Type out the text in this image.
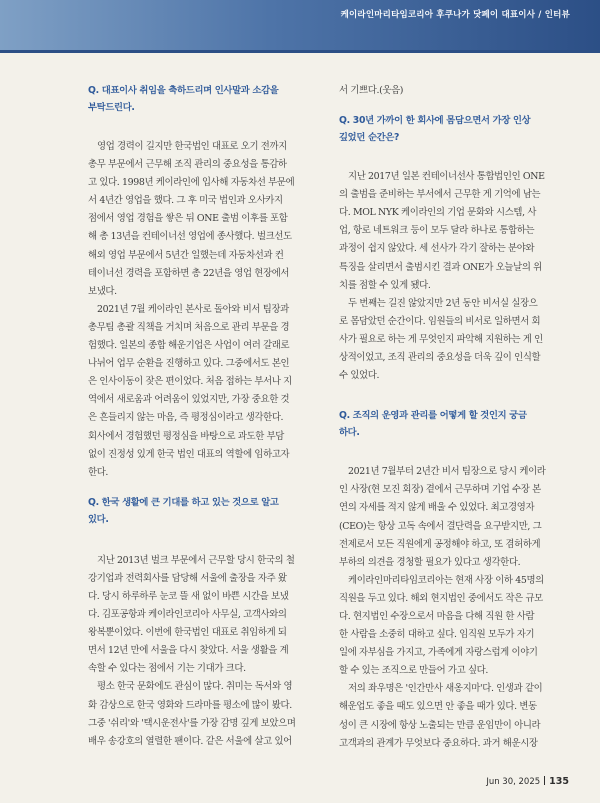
케이라인마리타임코리아 후쿠나가 닷페이 대표이사 / 인터뷰

Q. 대표이사 취임을 축하드리며 인사말과 소감을

부탁드린다.

영업 경력이 길지만 한국법인 대표로 오기 전까지

총무 부문에서 근무해 조직 관리의 중요성을 통감하

고 있다. 1998년 케이라인에 입사해 자동차선 부문에

서 4년간 영업을 했다. 그 후 미국 법인과 오사카지

점에서 영업 경험을 쌓은 뒤 ONE 출범 이후를 포함

해 총 13년을 컨테이너선 영업에 종사했다. 벌크선도

해외 영업 부문에서 5년간 일했는데 자동차선과 컨

테이너선 경력을 포함하면 총 22년을 영업 현장에서

보냈다.

2021년 7월 케이라인 본사로 돌아와 비서 팀장과

총무팀 총괄 직책을 거치며 처음으로 관리 부문을 경

험했다. 일본의 종합 해운기업은 사업이 여러 갈래로

나뉘어 업무 순환을 진행하고 있다. 그중에서도 본인

은 인사이동이 잦은 편이었다. 처음 접하는 부서나 지

역에서 새로움과 어려움이 있었지만, 가장 중요한 것

은 흔들리지 않는 마음, 즉 평정심이라고 생각한다.

회사에서 경험했던 평정심을 바탕으로 과도한 부담

없이 진정성 있게 한국 법인 대표의 역할에 임하고자

한다.

Q. 한국 생활에 큰 기대를 하고 있는 것으로 알고

있다.

지난 2013년 벌크 부문에서 근무할 당시 한국의 철

강기업과 전력회사를 담당해 서울에 출장을 자주 왔

다. 당시 하루하루 눈코 뜰 새 없이 바쁜 시간을 보냈

다. 김포공항과 케이라인코리아 사무실, 고객사와의

왕복뿐이었다. 이번에 한국법인 대표로 취임하게 되

면서 12년 만에 서울을 다시 찾았다. 서울 생활을 계

속할 수 있다는 점에서 기는 기대가 크다.

평소 한국 문화에도 관심이 많다. 취미는 독서와 영

화 감상으로 한국 영화와 드라마를 평소에 많이 봤다.

그중 '쉬리'와 '택시운전사'를 가장 감명 깊게 보았으며

배우 송강호의 열렬한 팬이다. 같은 서울에 살고 있어

서 기쁘다.(웃음)

Q. 30년 가까이 한 회사에 몸담으면서 가장 인상

깊었던 순간은?

지난 2017년 일본 컨테이너선사 통합법인인 ONE

의 출범을 준비하는 부서에서 근무한 게 기억에 남는

다. MOL NYK 케이라인의 기업 문화와 시스템, 사

업, 항로 네트워크 등이 모두 달라 하나로 통합하는

과정이 쉽지 않았다. 세 선사가 각기 잘하는 분야와

특징을 살리면서 출범시킨 결과 ONE가 오늘날의 위

치를 점할 수 있게 됐다.

두 번째는 길진 않았지만 2년 동안 비서실 실장으

로 몸담았던 순간이다. 임원들의 비서로 일하면서 회

사가 필요로 하는 게 무엇인지 파악해 지원하는 게 인

상적이었고, 조직 관리의 중요성을 더욱 깊이 인식할

수 있었다.

Q. 조직의 운영과 관리를 어떻게 할 것인지 궁금

하다.

2021년 7월부터 2년간 비서 팀장으로 당시 케이라

인 사장(현 모진 회장) 곁에서 근무하며 기업 수장 본

연의 자세를 적지 않게 배울 수 있었다. 최고경영자

(CEO)는 항상 고독 속에서 결단력을 요구받지만, 그

전제로서 모든 직원에게 공정해야 하고, 또 겸허하게

부하의 의견을 경청할 필요가 있다고 생각한다.

케이라인마리타임코리아는 현재 사장 이하 45명의

직원을 두고 있다. 해외 현지법인 중에서도 작은 규모

다. 현지법인 수장으로서 마음을 다해 직원 한 사람

한 사람을 소중히 대하고 싶다. 임직원 모두가 자기

일에 자부심을 가지고, 가족에게 자랑스럽게 이야기

할 수 있는 조직으로 만들어 가고 싶다.

저의 좌우명은 '인간만사 새옹지마'다. 인생과 같이

해운업도 좋을 때도 있으면 안 좋을 때가 있다. 변동

성이 큰 시장에 항상 노출되는 만큼 운임만이 아니라

고객과의 관계가 무엇보다 중요하다. 과거 해운시장

Jun 30, 2025 135
